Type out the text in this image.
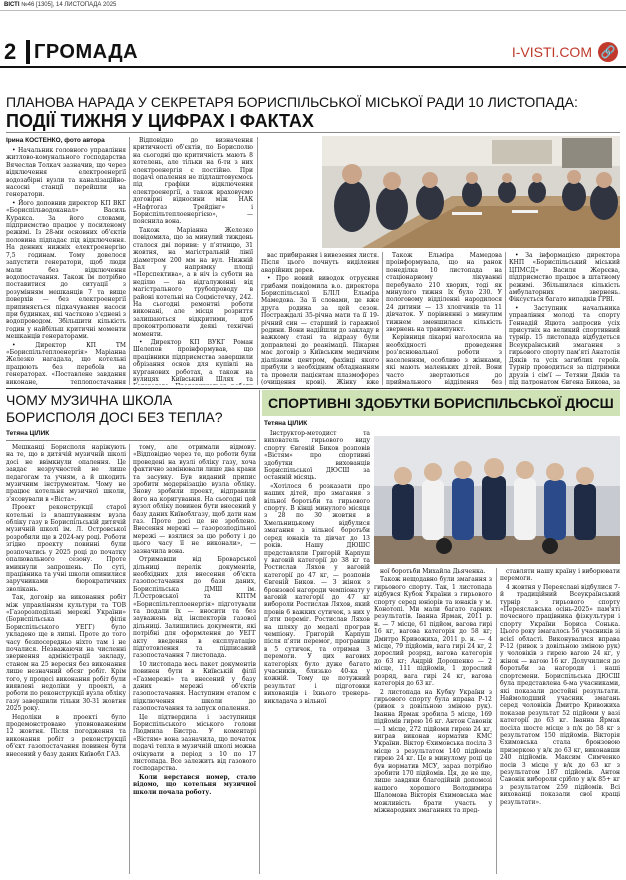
ВІСТІ №46 [1305], 14 ЛИСТОПАДА 2025
2 ГРОМАДА	I-VISTI.COM 🔗
ПЛАНОВА НАРАДА У СЕКРЕТАРЯ БОРИСПІЛЬСЬКОЇ МІСЬКОЇ РАДИ 10 ЛИСТОПАДА:
ПОДІЇ ТИЖНЯ У ЦИФРАХ І ФАКТАХ
Ірина КОСТЕНКО, фото автора

• Начальник головного управління житлово-комунального господарства Вячеслав Толкач зазначив, що через відключення електроенергії водозабірні вузли та каналізаційно-насосні станції перейшли на генератори.

• Його доповнив директор КП ВКГ «Бориспільводоканал» Василь Куракса. За його словами, підприємство працює у посиленому режимі. Із 28-ми основних об'єктів половина підпадає під відключення. На денних нижніх електроенергію 7,5 годинам. Тому довелося запустити генератори, щоб люди мали без відключення водопостачання. Також їм потрібно поставитися до ситуації з розумінням мешканців 7 та вище поверхів — без електроенергії припиняється підкачування насоси при будинках, які частково з'єднені з водопроводом. Збільшити кількість годин у найбільш критичні моменти мешканців генераторами.

• Директор КП ТМ «Бориспільтеплоенергія» Маріанна Железко нагадала, що котельні працюють без перебоїв на генераторах. «Поставлене завдання виконане, теплопостачання

Відповідно до визначення критичності об'єктів, по Борисполю на сьогодні цю критичність мають 8 котелень, але тільки на 6-ти з них електроенергія є постійно. При подачі опалення не підлаштовуємось під графіки відключення електроенергії, а також враховуємо договірні відносини між НАК «Нафтогаз Трейдінг» і Бориспільтеплоенергією», — пояснила вона.

Також Маріанна Железко повідомила, що за минулий тиждень сталося дві пориви: у п'ятницю, 31 жовтня, на магістральній лінії діаметром 200 мм на вул. Нижній Вал у напрямку площі «Перспектива», а в ніч із суботи на неділю — на відгалуженні від магістрального трубопроводу в районі котельні на Соцмістечку, 242. На сьогодні ремонтні роботи виконані, але місця розриття залишаються відкритими, щоб проконтролювати деякі технічні моменти.

• Директор КП ВУКГ Роман Шелепов проінформував, що працівники підприємства завершили обрізання основ для купівлі на курганових роботах, а також на вулицях Київський Шлях та

вас прибирання і вивезення листя. Після цього почнуть виділення аварійних дерев.

• Про новий виводок отруєння грибами повідомила в.о. директора Бориспільської БЛІЛ Ельміра Мамедова. За її словами, це вже друга родина за цей сезон. Постраждалі 35-річна мати та її 19-річний син — старший із гаражної родини. Вони надійшли до закладу в важкому стані та відразу були доправлені до реанімації. Пікарня має договір з Київським медичним діалізним центром, фахівці якого прибули з необхідним обладнанням та провели пацієнтам плазмофорез (очищення крові). Жінку вже

Також Ельміра Мамедова проінформувала, що на ранок понеділка 10 листопада на стаціонарному лікуванні перебувало 210 хворих, тоді як минулого тижня їх було 230. У пологовому відділенні народилося 24 дитини — 13 хлопчиків та 11 дівчаток. У порівнянні з минулим тижнем зменшилася кількість звернень на травмпункт.

Керівниця лікарні наголосила на необхідності проведення роз'яснювальної роботи з населенням, особливо з жінками, які мають маленьких дітей. Вони часто звертаються до приймального відділення без

• За інформацією директора КНП «Бориспільський міський ЦПМСД» Василя Жерєєва, підприємство працює в штатному режимі. Збільшилася кількість амбулаторних звернень. Фіксується багато випадків ГРВІ.

• Заступник начальника управління молоді та спорту Геннадій Яцюта запросив усіх присутніх на великий спортивний турнір. 15 листопада відбудеться Всеукраїнський змагання з гирьового спорту пам'яті Анатолія Дяків та усіх загиблих героїв. Турнір проводиться за підтримки друзів і сім'ї — Тетяни Дяків та під патронатом Євгена Бикова, за

ЧОМУ МУЗИЧНА ШКОЛА БОРИСПОЛЯ ДОСІ БЕЗ ТЕПЛА?
Тетяна ЦІЛИК

Мешканці Борисполя наріжують на те, що в дитячій музичній школі досі не ввімкнули опалення. Це завдає незручностей не лише педагогам та учням, а й шкодить музичним інструментам. Чому не працює котельня музичної школи, з'ясовували в «Віста».

Проект реконструкції старої котельні із влаштуванням вузла обліку газу в Бориспільській дитячій музичній школі ім. Л. Островської розробили ще в 2024-му році. Роботи згідно проекту повинні були розпочатись у 2025 році до початку опалювального сезону. Проте вмикнули запрошень. По суті, працівника та учні школи опинилися заручниками бюрократичних зволікань.

Так, договір на виконання робіт між управлінням культури та ТОВ «Газорозподільні мережі України» (Бориспільська філія Бориспільського УЕГГ) було укладено ще в липні. Проте до того часу безпосередньо ніхто там і не почалися. Незважаючи на численні звернення адміністрації закладу, станом на 25 вересня без виконання лише незначний обсяг робіт. Крім того, у процесі виконання робіт були виявлені недоліки у проекті, а роботи по реконструкції вузла обліку газу завершили тільки 30-31 жовтня 2025 року.

Недоліки в проекті було продемонстровано уповноваженим 12 жовтня. Після погодження та виконання робіт з реконструкції об'єкт газопостачання повинен бути внесений у базу даних Київобл ГАЗ.

тому, але отримали відмову. «Відповідно через те, що роботи були проведені на вузлі обліку газу, хоча фактично замінювали лише два крани та засувку. Був виданий припис зробити модернізацію вузла обліку. Знову зробили проект, відправили його на коригування. На сьогодні цей вузол обліку повинен бути внесений у базу даних Київоблгазу, щоб дати нам газ. Проте досі це не зроблено. Внесення мережі — газорозподільної мережі — взялися за цю роботу і до цього часу її не виконали», — зазначила вона.

Отримавши від Броварської дільниці перелік документів, необхідних для внесення об'єкта газопостачання до бази даних, Бориспільська ДМШ ім. Л.Островської та КПТМ «Бориспільтеплоенергія» підготували та подали їх — вносити та без зауважень від інспекторів газової дільниці. Залишились документи, які потрібні для оформлення до УЕГГ акту введення в експлуатацію підготовлення та підписаний газопостачання 7 листопада.

10 листопада весь пакет документів повинен бути в Київській філії «Газмережі» та внесений у базу даних мережі об'єктів газопостачання. Наступним етапом є підключення школи до газопостачання та запуск опалення.

Це підтвердила і заступниця Бориспільського міського голови Людмила Бистра. У коментарі «Вістям» вона зазначила, що початок подачі тепла в музичній школі можна очікувати в період з 10 по 17 листопада. Все залежить від газового господарства.

Коли верстався номер, стало відомо, що котельня музичної школи почала роботу.

СПОРТИВНІ ЗДОБУТКИ БОРИСПІЛЬСЬКОЇ ДЮСШ
Тетяна ЦІЛИК

Інструктор-методист та вихователь гирьового виду спорту Євгеній Биков розповів «Вістям» про спортивні здобутки вихованців Бориспільської ДЮСШ за останній місяць.

«Хотілося б розказати про наших дітей, про змагання з вільної боротьби та гирьового спорту. В кінці минулого місяця з 28 по 30 жовтня в Хмельницькому відбулися змагання з вільної боротьби серед юнаків та дівчат до 13 років. Нашу ДЮШС представляли Григорій Карпуш у ваговій категорії до 38 кг та Ростислав Ляхов у ваговій категорії до 47 кг, — розповів Євгеній Биков. — З жінок з бронзової нагороди чемпіонату у ваговій категорії до 47 кг вибороли Ростислав Ляхов, який провів 6 важких сутичок, з них у п'яти переміг. Ростислав Ляхов на шляху до медалі програв чемпіону. Григорій Карпуш після п'яти перемог, програвши в 5 сутичок, та отримав 3 перемоги. У цих вагових категоріях було дуже багато учасників, близько 40-ка у кожній. Тому це потужний результат і підготовки вихованців і їхнього тренера-викладача з вільної

ної боротьби Михайла Дьяченка.

Також нещодавно були змагання з гирьового спорту. Так, 1 листопада відбувся Кубок України з гирьового спорту серед юніорів та юнаків у м. Конотопі. Ми мали багато гарних результатів. Іванна Ярмак, 2011 р. н. — 7 місце, 61 підйом, вагова гирі 16 кг, вагова категорія до 58 кг; Дмитро Кривожиха, 2011 р. н. — 4 місце, 79 підйомів, вага гирі 24 кг, 2 дорослий розряд, вагова категорія до 63 кг; Андрій Дорошенко — 2 місце, 111 підйомів, 1 дорослий розряд, вага гирі 24 кг, вагова категорія до 63 кг.

2 листопада на Кубку України з гирьового спорту була вправа Р-12 (ривок з довільною зміною рук). Іванна Ярмак зробила 5 місце, 169 підйомів гирею 16 кг. Антон Савонік — 1 місце, 272 підйоми гирею 24 кг, виграв виконав норматив КМС України. Віктор Єхимовська посіла 3 місце з результатом 140 підйомів гирею 24 кг. Це в минулому році це був норматив МСУ, зараз потрібно зробити 170 підйомів. Ця, де не ще, лише завдяки благодійній допомозі нашого хорошого Володимира Шаломова Вікторія Єхимовська має можливість брати участь у міжнародних змаганнях та пред-

ставляти нашу країну і виборювати перемоги.

4 жовтня у Переяславі відбулися 7-й традиційний Всеукраїнський турнір з гирьового спорту «Переяславська осінь-2025» пам'яті почесного працівника фізкультури і спорту України Бориса Сонька. Цього року змагалось 56 учасників зі всієї області. Виконувалися вправа Р-12 (ривок з довільною зміною рук) у чоловіків з гирею вагою 24 кг, у жінок — вагою 16 кг. Долучилися до боротьби за нагороди і наші спортсмени. Бориспільська ДЮСШ була представлена 6-ма учасниками, які показали достойні результати. Наймолодший учасник змагань серед чоловіків Дмитро Кривожиха показав результат 52 підйоми у вазі категорії до 63 кг. Іванна Ярмак посіла шосте місце з п/к до 58 кг з результатом 150 підйомів. Вікторія Єхимовська стала бронзовою призеркою у в/к до 63 кг, виконавши 240 підйомів. Максим Симченко посів 3 місце у в/к до 63 кг з результатом 187 підйомів. Антон Савонік вибороли срібло у в/к 85+ кг з результатом 259 підйомів. Всі вихованці показали свої кращі результати».
